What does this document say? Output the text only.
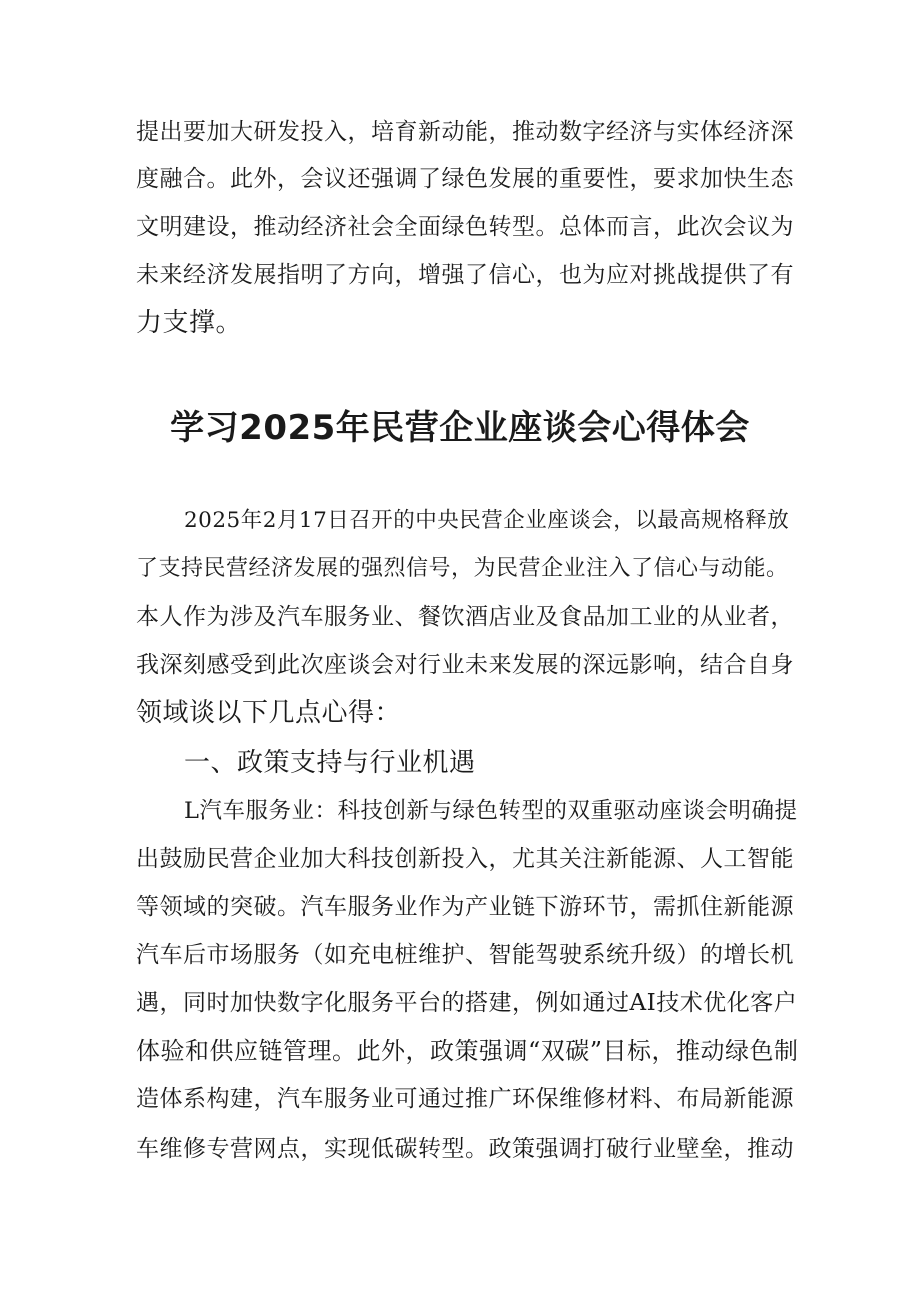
提出要加大研发投入，培育新动能，推动数字经济与实体经济深

度融合。此外，会议还强调了绿色发展的重要性，要求加快生态

文明建设，推动经济社会全面绿色转型。总体而言，此次会议为

未来经济发展指明了方向，增强了信心，也为应对挑战提供了有

力支撑。

学习2025年民营企业座谈会心得体会

2025年2月17日召开的中央民营企业座谈会，以最高规格释放

了支持民营经济发展的强烈信号，为民营企业注入了信心与动能。

本人作为涉及汽车服务业、餐饮酒店业及食品加工业的从业者，

我深刻感受到此次座谈会对行业未来发展的深远影响，结合自身

领域谈以下几点心得：

一、政策支持与行业机遇

L汽车服务业：科技创新与绿色转型的双重驱动座谈会明确提

出鼓励民营企业加大科技创新投入，尤其关注新能源、人工智能

等领域的突破。汽车服务业作为产业链下游环节，需抓住新能源

汽车后市场服务（如充电桩维护、智能驾驶系统升级）的增长机

遇，同时加快数字化服务平台的搭建，例如通过AI技术优化客户

体验和供应链管理。此外，政策强调“双碳”目标，推动绿色制

造体系构建，汽车服务业可通过推广环保维修材料、布局新能源

车维修专营网点，实现低碳转型。政策强调打破行业壁垒，推动
